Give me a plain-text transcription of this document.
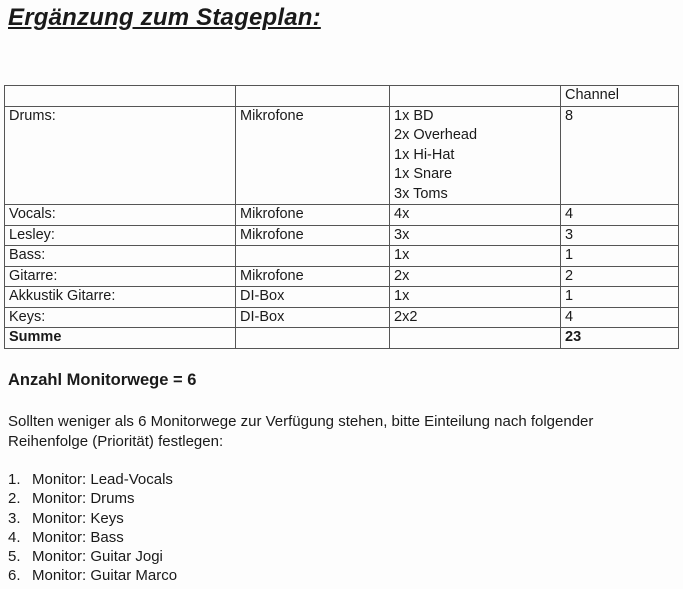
Ergänzung zum Stageplan:
			Channel
Drums:	Mikrofone	1x BD
2x Overhead
1x Hi-Hat
1x Snare
3x Toms	8
Vocals:	Mikrofone	4x	4
Lesley:	Mikrofone	3x	3
Bass:		1x	1
Gitarre:	Mikrofone	2x	2
Akkustik Gitarre:	DI-Box	1x	1
Keys:	DI-Box	2x2	4
Summe			23
Anzahl Monitorwege = 6
Sollten weniger als 6 Monitorwege zur Verfügung stehen, bitte Einteilung nach folgender Reihenfolge (Priorität) festlegen:
1. Monitor: Lead-Vocals
2. Monitor: Drums
3. Monitor: Keys
4. Monitor: Bass
5. Monitor: Guitar Jogi
6. Monitor: Guitar Marco
